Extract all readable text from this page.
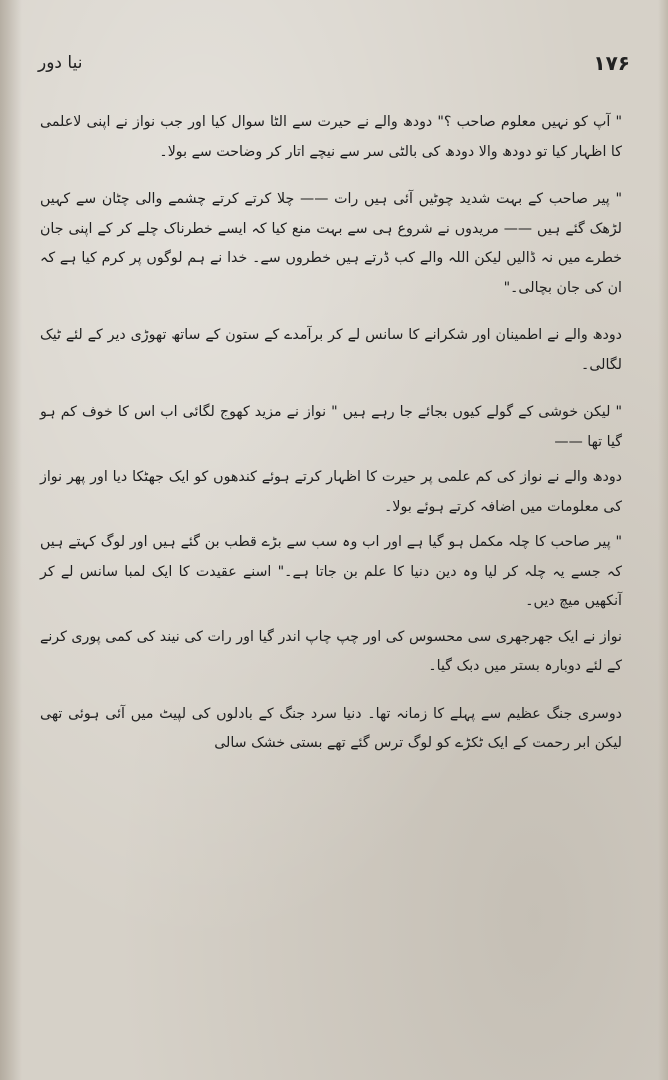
نیا دور	۱۷۶

" آپ کو نہیں معلوم صاحب ؟" دودھ والے نے حیرت سے الٹا سوال کیا اور جب نواز نے اپنی لاعلمی کا اظہار کیا تو دودھ والا دودھ کی بالٹی سر سے نیچے اتار کر وضاحت سے بولا۔

" پیر صاحب کے بہت شدید چوٹیں آئی ہیں رات —— چلا کرتے کرتے چشمے والی چٹان سے کہیں لڑھک گئے ہیں —— مریدوں نے شروع ہی سے بہت منع کیا کہ ایسے خطرناک چلے کر کے اپنی جان خطرے میں نہ ڈالیں لیکن اللہ والے کب ڈرتے ہیں خطروں سے۔ خدا نے ہم لوگوں پر کرم کیا ہے کہ ان کی جان بچالی۔"

دودھ والے نے اطمینان اور شکرانے کا سانس لے کر برآمدے کے ستون کے ساتھ تھوڑی دیر کے لئے ٹیک لگالی۔

" لیکن خوشی کے گولے کیوں بجائے جا رہے ہیں " نواز نے مزید کھوج لگائی اب اس کا خوف کم ہو گیا تھا ——

دودھ والے نے نواز کی کم علمی پر حیرت کا اظہار کرتے ہوئے کندھوں کو ایک جھٹکا دیا اور پھر نواز کی معلومات میں اضافہ کرتے ہوئے بولا۔

" پیر صاحب کا چلہ مکمل ہو گیا ہے اور اب وہ سب سے بڑے قطب بن گئے ہیں اور لوگ کہتے ہیں کہ جسے یہ چلہ کر لیا وہ دین دنیا کا علم بن جاتا ہے۔" اسنے عقیدت کا ایک لمبا سانس لے کر آنکھیں میچ دیں۔

نواز نے ایک جھرجھری سی محسوس کی اور چپ چاپ اندر گیا اور رات کی نیند کی کمی پوری کرنے کے لئے دوبارہ بستر میں دبک گیا۔

دوسری جنگ عظیم سے پہلے کا زمانہ تھا۔ دنیا سرد جنگ کے بادلوں کی لپیٹ میں آئی ہوئی تھی لیکن ابر رحمت کے ایک ٹکڑے کو لوگ ترس گئے تھے بستی خشک سالی
